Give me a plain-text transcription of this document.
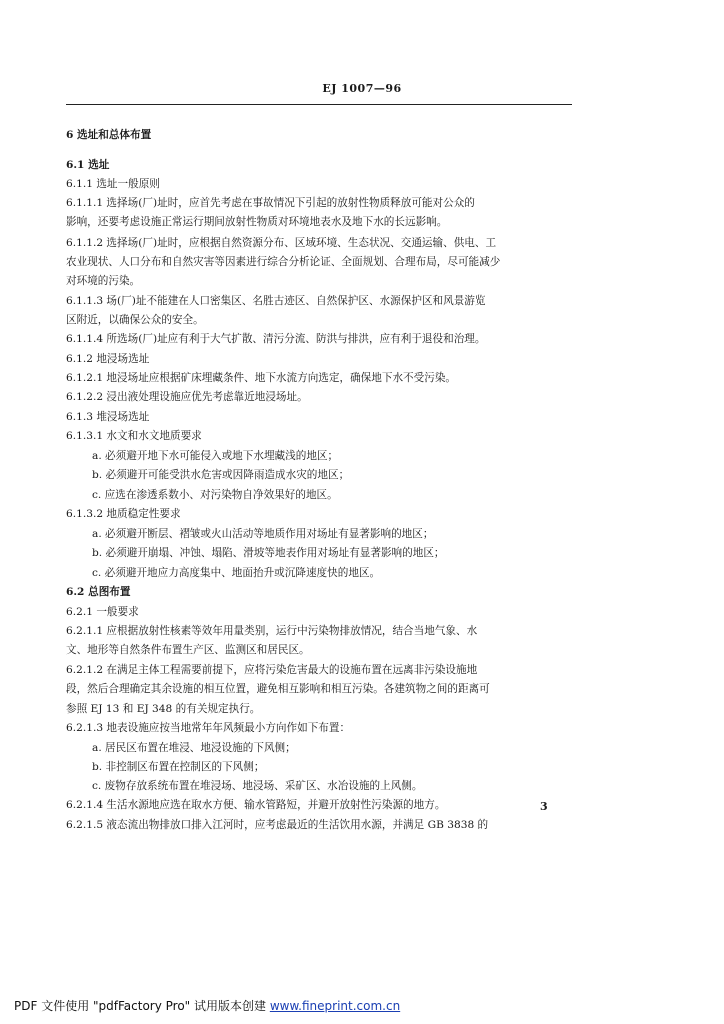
EJ 1007—96
6 选址和总体布置
6.1 选址
6.1.1 选址一般原则
6.1.1.1 选择场(厂)址时，应首先考虑在事故情况下引起的放射性物质释放可能对公众的
影响，还要考虑设施正常运行期间放射性物质对环境地表水及地下水的长远影响。
6.1.1.2 选择场(厂)址时，应根据自然资源分布、区域环境、生态状况、交通运输、供电、工
农业现状、人口分布和自然灾害等因素进行综合分析论证、全面规划、合理布局，尽可能减少
对环境的污染。
6.1.1.3 场(厂)址不能建在人口密集区、名胜古迹区、自然保护区、水源保护区和风景游览
区附近，以确保公众的安全。
6.1.1.4 所选场(厂)址应有利于大气扩散、清污分流、防洪与排洪，应有利于退役和治理。
6.1.2 地浸场选址
6.1.2.1 地浸场址应根据矿床埋藏条件、地下水流方向选定，确保地下水不受污染。
6.1.2.2 浸出液处理设施应优先考虑靠近地浸场址。
6.1.3 堆浸场选址
6.1.3.1 水文和水文地质要求
a. 必须避开地下水可能侵入或地下水埋藏浅的地区；
b. 必须避开可能受洪水危害或因降雨造成水灾的地区；
c. 应选在渗透系数小、对污染物自净效果好的地区。
6.1.3.2 地质稳定性要求
a. 必须避开断层、褶皱或火山活动等地质作用对场址有显著影响的地区；
b. 必须避开崩塌、冲蚀、塌陷、滑坡等地表作用对场址有显著影响的地区；
c. 必须避开地应力高度集中、地面抬升或沉降速度快的地区。
6.2 总图布置
6.2.1 一般要求
6.2.1.1 应根据放射性核素等效年用量类别，运行中污染物排放情况，结合当地气象、水
文、地形等自然条件布置生产区、监测区和居民区。
6.2.1.2 在满足主体工程需要前提下，应将污染危害最大的设施布置在远离非污染设施地
段，然后合理确定其余设施的相互位置，避免相互影响和相互污染。各建筑物之间的距离可
参照 EJ 13 和 EJ 348 的有关规定执行。
6.2.1.3 地表设施应按当地常年年风频最小方向作如下布置：
a. 居民区布置在堆浸、地浸设施的下风侧；
b. 非控制区布置在控制区的下风侧；
c. 废物存放系统布置在堆浸场、地浸场、采矿区、水冶设施的上风侧。
6.2.1.4 生活水源地应选在取水方便、输水管路短，并避开放射性污染源的地方。
6.2.1.5 液态流出物排放口排入江河时，应考虑最近的生活饮用水源，并满足 GB 3838 的
3
PDF 文件使用 "pdfFactory Pro" 试用版本创建 www.fineprint.com.cn
